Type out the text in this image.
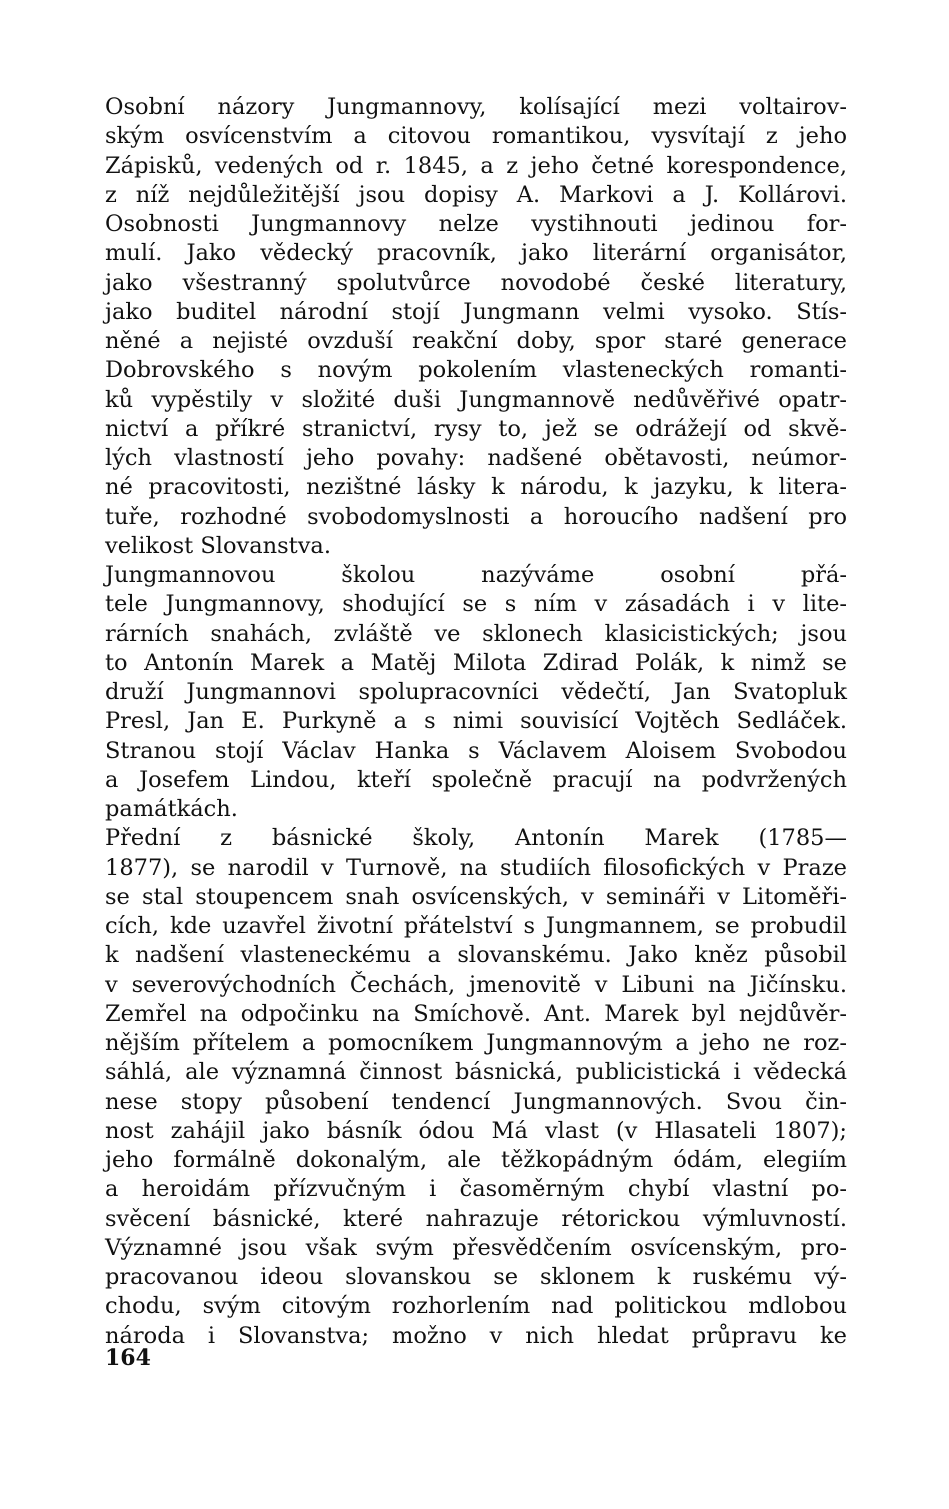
Osobní názory Jungmannovy, kolísající mezi voltairov-
ským osvícenstvím a citovou romantikou, vysvítají z jeho
Zápisků, vedených od r. 1845, a z jeho četné korespondence,
z níž nejdůležitější jsou dopisy A. Markovi a J. Kollárovi.
Osobnosti Jungmannovy nelze vystihnouti jedinou for-
mulí. Jako vědecký pracovník, jako literární organisátor,
jako všestranný spolutvůrce novodobé české literatury,
jako buditel národní stojí Jungmann velmi vysoko. Stís-
něné a nejisté ovzduší reakční doby, spor staré generace
Dobrovského s novým pokolením vlasteneckých romanti-
ků vypěstily v složité duši Jungmannově nedůvěřivé opatr-
nictví a příkré stranictví, rysy to, jež se odrážejí od skvě-
lých vlastností jeho povahy: nadšené obětavosti, neúmor-
né pracovitosti, nezištné lásky k národu, k jazyku, k litera-
tuře, rozhodné svobodomyslnosti a horoucího nadšení pro
velikost Slovanstva.
Jungmannovou školou nazýváme osobní přá-
tele Jungmannovy, shodující se s ním v zásadách i v lite-
rárních snahách, zvláště ve sklonech klasicistických; jsou
to Antonín Marek a Matěj Milota Zdirad Polák, k nimž se
druží Jungmannovi spolupracovníci vědečtí, Jan Svatopluk
Presl, Jan E. Purkyně a s nimi souvisící Vojtěch Sedláček.
Stranou stojí Václav Hanka s Václavem Aloisem Svobodou
a Josefem Lindou, kteří společně pracují na podvržených
památkách.
Přední z básnické školy, Antonín Marek (1785—
1877), se narodil v Turnově, na studiích filosofických v Praze
se stal stoupencem snah osvícenských, v semináři v Litoměři-
cích, kde uzavřel životní přátelství s Jungmannem, se probudil
k nadšení vlasteneckému a slovanskému. Jako kněz působil
v severovýchodních Čechách, jmenovitě v Libuni na Jičínsku.
Zemřel na odpočinku na Smíchově. Ant. Marek byl nejdůvěr-
nějším přítelem a pomocníkem Jungmannovým a jeho ne roz-
sáhlá, ale významná činnost básnická, publicistická i vědecká
nese stopy působení tendencí Jungmannových. Svou čin-
nost zahájil jako básník ódou Má vlast (v Hlasateli 1807);
jeho formálně dokonalým, ale těžkopádným ódám, elegiím
a heroidám přízvučným i časoměrným chybí vlastní po-
svěcení básnické, které nahrazuje rétorickou výmluvností.
Významné jsou však svým přesvědčením osvícenským, pro-
pracovanou ideou slovanskou se sklonem k ruskému vý-
chodu, svým citovým rozhorlením nad politickou mdlobou
národa i Slovanstva; možno v nich hledat průpravu ke
164
